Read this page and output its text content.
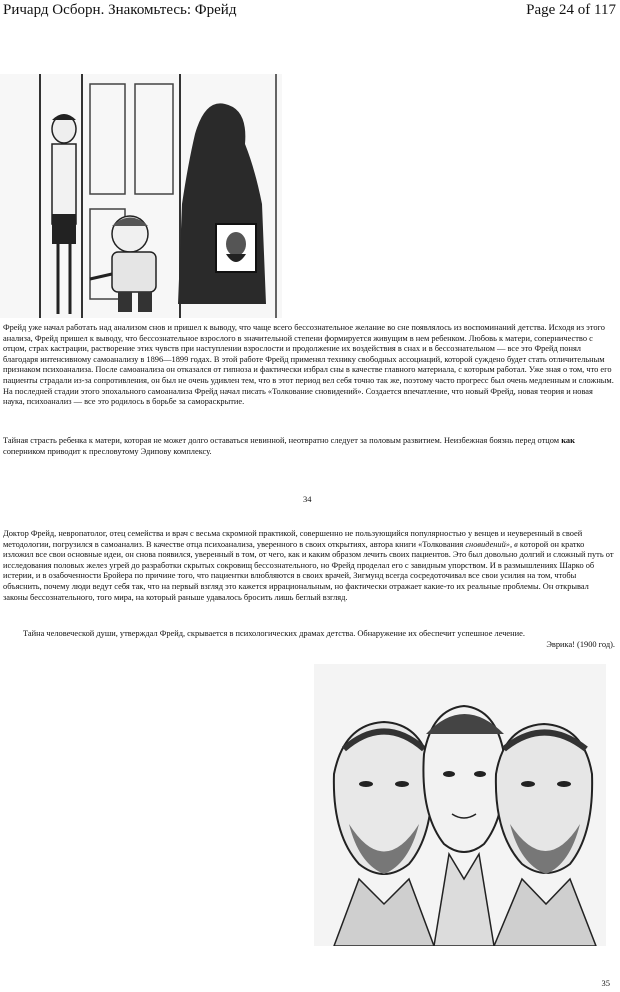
Ричард Осборн. Знакомьтесь: Фрейд	Page 24 of 117
Фрейд уже начал работать над анализом снов и пришел к выводу, что чаще всего бессознательное желание во сне появлялось из воспоминаний детства. Исходя из этого анализа, Фрейд пришел к выводу, что бессознательное взрослого в значительной степени формируется живущим в нем ребенком. Любовь к матери, соперничество с отцом, страх кастрации, растворение этих чувств при наступлении взрослости и продолжение их воздействия в снах и в бессознательном — все это Фрейд понял благодаря интенсивному самоанализу в 1896—1899 годах. В этой работе Фрейд применял технику свободных ассоциаций, которой суждено будет стать отличительным признаком психоанализа. После самоанализа он отказался от гипноза и фактически избрал сны в качестве главного материала, с которым работал. Уже зная о том, что его пациенты страдали из-за сопротивления, он был не очень удивлен тем, что в этот период вел себя точно так же, поэтому часто прогресс был очень медленным и сложным. На последней стадии этого эпохального самоанализа Фрейд начал писать «Толкование сновидений». Создается впечатление, что новый Фрейд, новая теория и новая наука, психоанализ — все это родилось в борьбе за самораскрытие.
Тайная страсть ребенка к матери, которая не может долго оставаться невинной, неотвратно следует за половым развитием. Неизбежная боязнь перед отцом как соперником приводит к пресловутому Эдипову комплексу.
34
Доктор Фрейд, невропатолог, отец семейства и врач с весьма скромной практикой, совершенно не пользующийся популярностью у венцев и неуверенный в своей методологии, погрузился в самоанализ. В качестве отца психоанализа, уверенного в своих открытиях, автора книги «Толкования сновидений», в которой он кратко изложил все свои основные идеи, он снова появился, уверенный в том, от чего, как и каким образом лечить своих пациентов. Это был довольно долгий и сложный путь от исследования половых желез угрей до разработки скрытых сокровищ бессознательного, но Фрейд проделал его с завидным упорством. И в размышлениях Шарко об истерии, и в озабоченности Бройера по причине того, что пациентки влюбляются в своих врачей, Зигмунд всегда сосредоточивал все свои усилия на том, чтобы объяснить, почему люди ведут себя так, что на первый взгляд это кажется иррациональным, но фактически отражает какие-то их реальные проблемы. Он открывал законы бессознательного, того мира, на который раньше удавалось бросить лишь беглый взгляд.
Тайна человеческой души, утверждал Фрейд, скрывается в психологических драмах детства. Обнаружение их обеспечит успешное лечение.
Эврика! (1900 год).
35
